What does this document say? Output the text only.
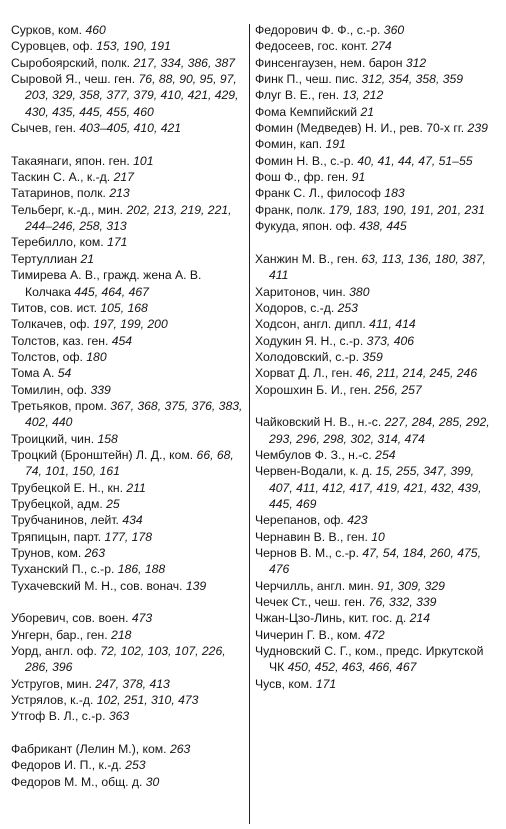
Сурков, ком. 460

Суровцев, оф. 153, 190, 191

Сыробоярский, полк. 217, 334, 386, 387

Сыровой Я., чеш. ген. 76, 88, 90, 95, 97, 203, 329, 358, 377, 379, 410, 421, 429, 430, 435, 445, 455, 460

Сычев, ген. 403–405, 410, 421

Такаянаги, япон. ген. 101

Таскин С. А., к.-д. 217

Татаринов, полк. 213

Тельберг, к.-д., мин. 202, 213, 219, 221, 244–246, 258, 313

Теребилло, ком. 171

Тертуллиан 21

Тимирева А. В., гражд. жена А. В. Колчака 445, 464, 467

Титов, сов. ист. 105, 168

Толкачев, оф. 197, 199, 200

Толстов, каз. ген. 454

Толстов, оф. 180

Тома А. 54

Томилин, оф. 339

Третьяков, пром. 367, 368, 375, 376, 383, 402, 440

Троицкий, чин. 158

Троцкий (Бронштейн) Л. Д., ком. 66, 68, 74, 101, 150, 161

Трубецкой Е. Н., кн. 211

Трубецкой, адм. 25

Трубчанинов, лейт. 434

Тряпицын, парт. 177, 178

Трунов, ком. 263

Туханский П., с.-р. 186, 188

Тухачевский М. Н., сов. вонач. 139

Уборевич, сов. воен. 473

Унгерн, бар., ген. 218

Уорд, англ. оф. 72, 102, 103, 107, 226, 286, 396

Устругов, мин. 247, 378, 413

Устрялов, к.-д. 102, 251, 310, 473

Утгоф В. Л., с.-р. 363

Фабрикант (Лелин М.), ком. 263

Федоров И. П., к.-д. 253

Федоров М. М., общ. д. 30

Федорович Ф. Ф., с.-р. 360

Федосеев, гос. конт. 274

Финсенгаузен, нем. барон 312

Финк П., чеш. пис. 312, 354, 358, 359

Флуг В. Е., ген. 13, 212

Фома Кемпийский 21

Фомин (Медведев) Н. И., рев. 70-х гг. 239

Фомин, кап. 191

Фомин Н. В., с.-р. 40, 41, 44, 47, 51–55

Фош Ф., фр. ген. 91

Франк С. Л., философ 183

Франк, полк. 179, 183, 190, 191, 201, 231

Фукуда, япон. оф. 438, 445

Ханжин М. В., ген. 63, 113, 136, 180, 387, 411

Харитонов, чин. 380

Ходоров, с.-д. 253

Ходсон, англ. дипл. 411, 414

Ходукин Я. Н., с.-р. 373, 406

Холодовский, с.-р. 359

Хорват Д. Л., ген. 46, 211, 214, 245, 246

Хорошхин Б. И., ген. 256, 257

Чайковский Н. В., н.-с. 227, 284, 285, 292, 293, 296, 298, 302, 314, 474

Чембулов Ф. З., н.-с. 254

Червен-Водали, к. д. 15, 255, 347, 399, 407, 411, 412, 417, 419, 421, 432, 439, 445, 469

Черепанов, оф. 423

Чернавин В. В., ген. 10

Чернов В. М., с.-р. 47, 54, 184, 260, 475, 476

Черчилль, англ. мин. 91, 309, 329

Чечек Ст., чеш. ген. 76, 332, 339

Чжан-Цзо-Линь, кит. гос. д. 214

Чичерин Г. В., ком. 472

Чудновский С. Г., ком., предс. Иркутской ЧК 450, 452, 463, 466, 467

Чусв, ком. 171
